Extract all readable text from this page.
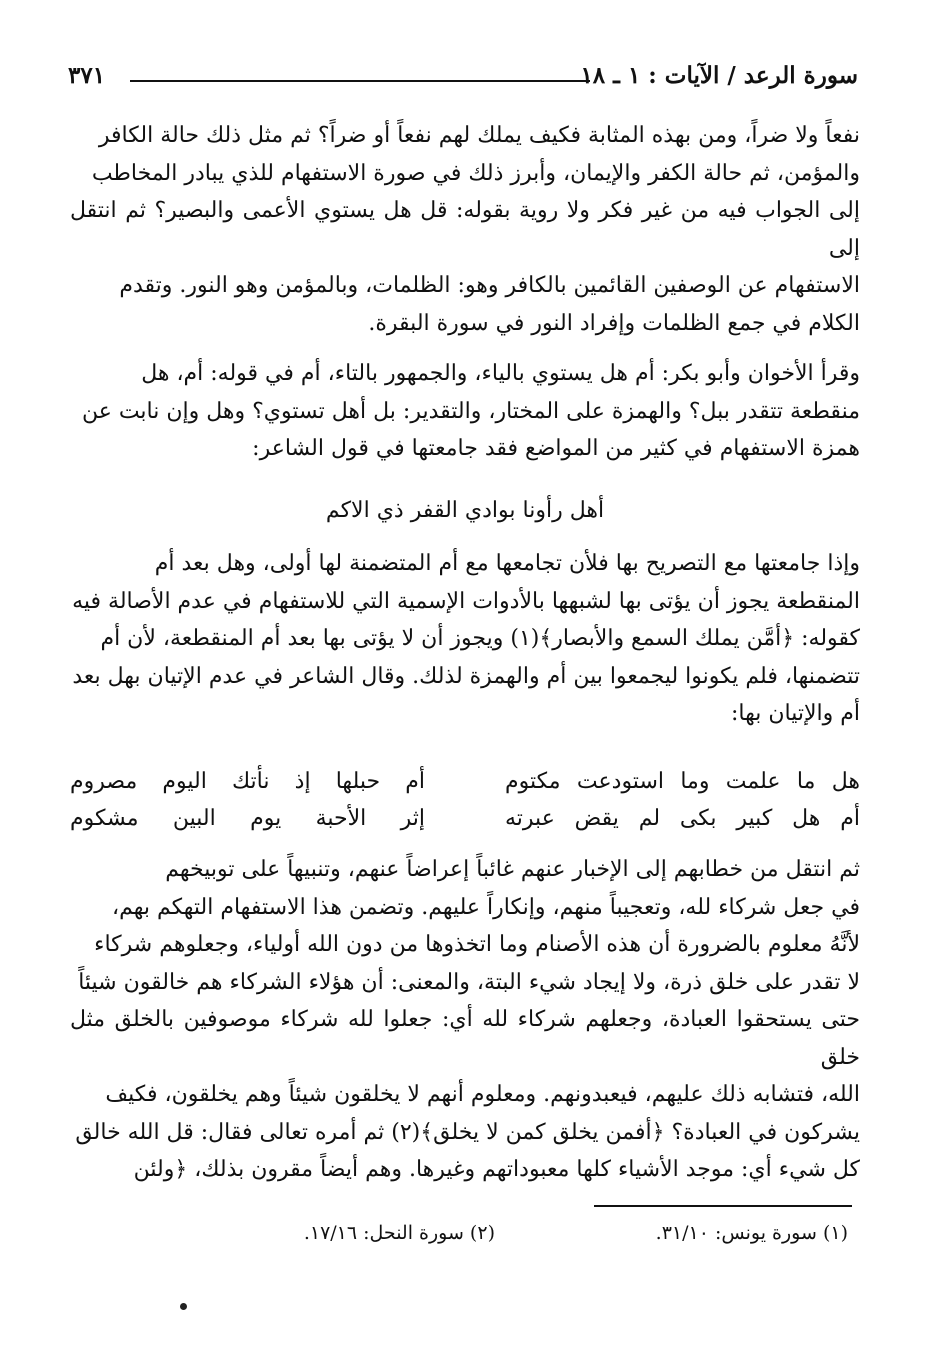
سورة الرعد / الآيات : ١ ـ ١٨
٣٧١

نفعاً ولا ضراً، ومن بهذه المثابة فكيف يملك لهم نفعاً أو ضراً؟ ثم مثل ذلك حالة الكافر

والمؤمن، ثم حالة الكفر والإيمان، وأبرز ذلك في صورة الاستفهام للذي يبادر المخاطب

إلى الجواب فيه من غير فكر ولا روية بقوله: قل هل يستوي الأعمى والبصير؟ ثم انتقل إلى

الاستفهام عن الوصفين القائمين بالكافر وهو: الظلمات، وبالمؤمن وهو النور. وتقدم

الكلام في جمع الظلمات وإفراد النور في سورة البقرة.

وقرأ الأخوان وأبو بكر: أم هل يستوي بالياء، والجمهور بالتاء، أم في قوله: أم، هل

منقطعة تتقدر ببل؟ والهمزة على المختار، والتقدير: بل أهل تستوي؟ وهل وإن نابت عن

همزة الاستفهام في كثير من المواضع فقد جامعتها في قول الشاعر:

أهل رأونا بوادي القفر ذي الاكم

وإذا جامعتها مع التصريح بها فلأن تجامعها مع أم المتضمنة لها أولى، وهل بعد أم

المنقطعة يجوز أن يؤتى بها لشبهها بالأدوات الإسمية التي للاستفهام في عدم الأصالة فيه

كقوله: ﴿أمَّن يملك السمع والأبصار﴾(١) ويجوز أن لا يؤتى بها بعد أم المنقطعة، لأن أم

تتضمنها، فلم يكونوا ليجمعوا بين أم والهمزة لذلك. وقال الشاعر في عدم الإتيان بهل بعد

أم والإتيان بها:

هل ما علمت وما استودعت مكتوم
أم حبلها إذ نأتك اليوم مصروم
أم هل كبير بكى لم يقض عبرته
إثر الأحبة يوم البين مشكوم

ثم انتقل من خطابهم إلى الإخبار عنهم غائباً إعراضاً عنهم، وتنبيهاً على توبيخهم

في جعل شركاء لله، وتعجيباً منهم، وإنكاراً عليهم. وتضمن هذا الاستفهام التهكم بهم،

لأنَّهُ معلوم بالضرورة أن هذه الأصنام وما اتخذوها من دون الله أولياء، وجعلوهم شركاء

لا تقدر على خلق ذرة، ولا إيجاد شيء البتة، والمعنى: أن هؤلاء الشركاء هم خالقون شيئاً

حتى يستحقوا العبادة، وجعلهم شركاء لله أي: جعلوا لله شركاء موصوفين بالخلق مثل خلق

الله، فتشابه ذلك عليهم، فيعبدونهم. ومعلوم أنهم لا يخلقون شيئاً وهم يخلقون، فكيف

يشركون في العبادة؟ ﴿أفمن يخلق كمن لا يخلق﴾(٢) ثم أمره تعالى فقال: قل الله خالق

كل شيء أي: موجد الأشياء كلها معبوداتهم وغيرها. وهم أيضاً مقرون بذلك، ﴿ولئن

(١) سورة يونس: ٣١/١٠.
(٢) سورة النحل: ١٧/١٦.
